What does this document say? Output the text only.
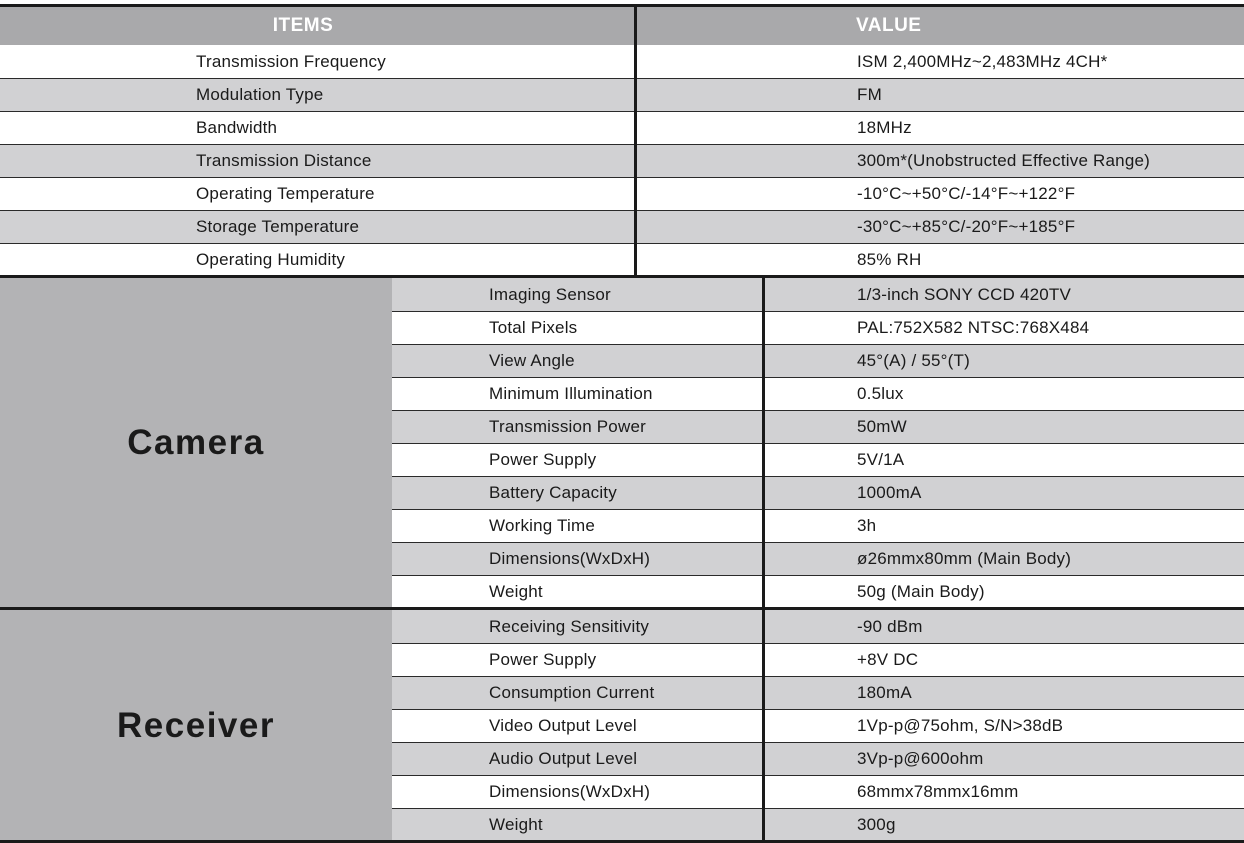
ITEMS	VALUE
Transmission Frequency	ISM 2,400MHz~2,483MHz 4CH*
Modulation Type	FM
Bandwidth	18MHz
Transmission Distance	300m*(Unobstructed Effective Range)
Operating Temperature	-10°C~+50°C/-14°F~+122°F
Storage Temperature	-30°C~+85°C/-20°F~+185°F
Operating Humidity	85% RH
Camera
Imaging Sensor	1/3-inch SONY CCD 420TV
Total Pixels	PAL:752X582 NTSC:768X484
View Angle	45°(A) / 55°(T)
Minimum Illumination	0.5lux
Transmission Power	50mW
Power Supply	5V/1A
Battery Capacity	1000mA
Working Time	3h
Dimensions(WxDxH)	ø26mmx80mm (Main Body)
Weight	50g (Main Body)
Receiver
Receiving Sensitivity	-90 dBm
Power Supply	+8V DC
Consumption Current	180mA
Video Output Level	1Vp-p@75ohm, S/N>38dB
Audio Output Level	3Vp-p@600ohm
Dimensions(WxDxH)	68mmx78mmx16mm
Weight	300g
